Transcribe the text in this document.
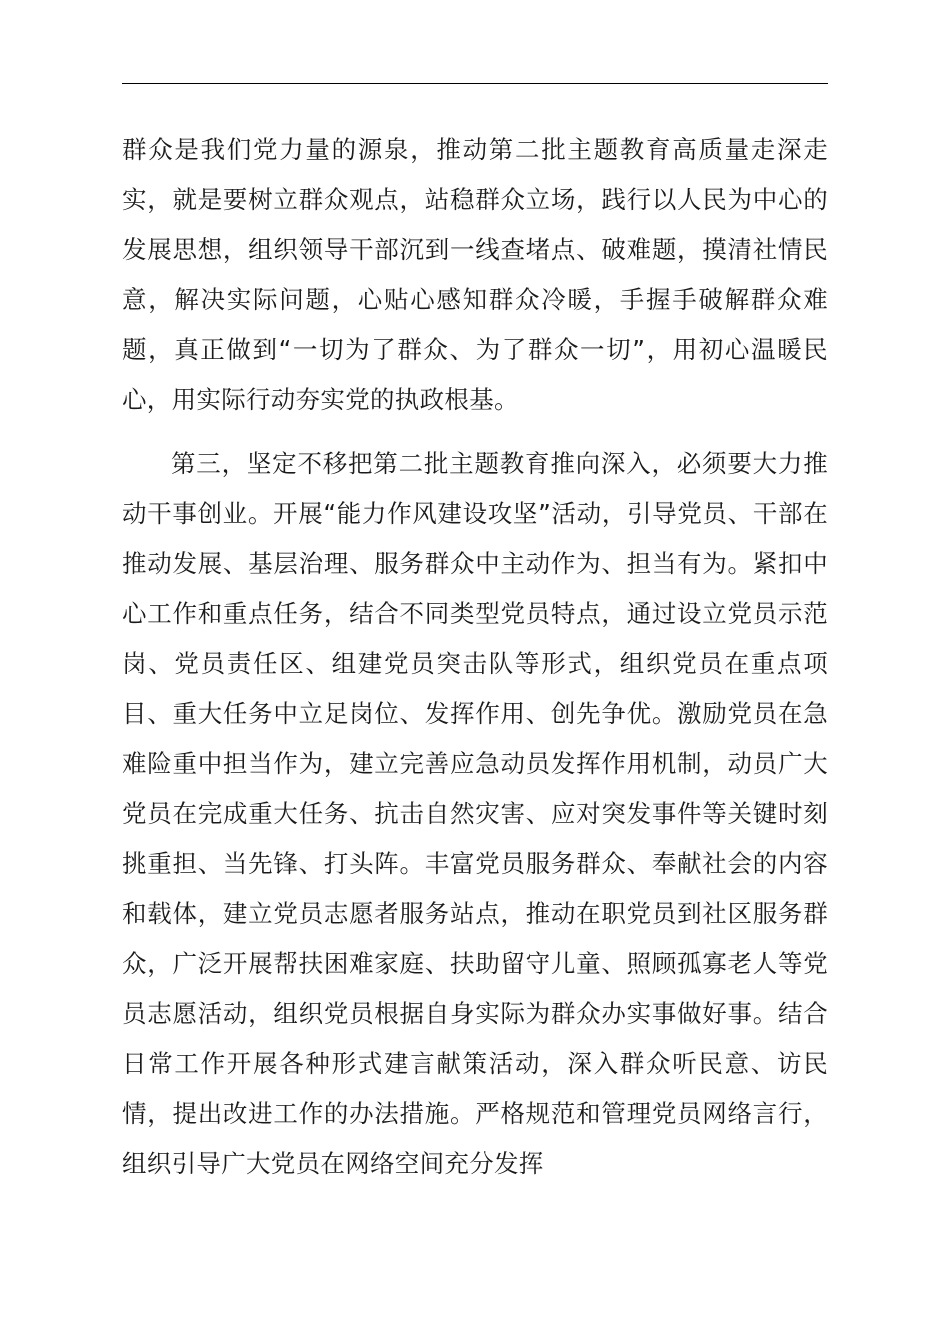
群众是我们党力量的源泉，推动第二批主题教育高质量走深走实，就是要树立群众观点，站稳群众立场，践行以人民为中心的发展思想，组织领导干部沉到一线查堵点、破难题，摸清社情民意，解决实际问题，心贴心感知群众冷暖，手握手破解群众难题，真正做到“一切为了群众、为了群众一切”，用初心温暖民心，用实际行动夯实党的执政根基。

第三，坚定不移把第二批主题教育推向深入，必须要大力推动干事创业。开展“能力作风建设攻坚”活动，引导党员、干部在推动发展、基层治理、服务群众中主动作为、担当有为。紧扣中心工作和重点任务，结合不同类型党员特点，通过设立党员示范岗、党员责任区、组建党员突击队等形式，组织党员在重点项目、重大任务中立足岗位、发挥作用、创先争优。激励党员在急难险重中担当作为，建立完善应急动员发挥作用机制，动员广大党员在完成重大任务、抗击自然灾害、应对突发事件等关键时刻挑重担、当先锋、打头阵。丰富党员服务群众、奉献社会的内容和载体，建立党员志愿者服务站点，推动在职党员到社区服务群众，广泛开展帮扶困难家庭、扶助留守儿童、照顾孤寡老人等党员志愿活动，组织党员根据自身实际为群众办实事做好事。结合日常工作开展各种形式建言献策活动，深入群众听民意、访民情，提出改进工作的办法措施。严格规范和管理党员网络言行，组织引导广大党员在网络空间充分发挥
